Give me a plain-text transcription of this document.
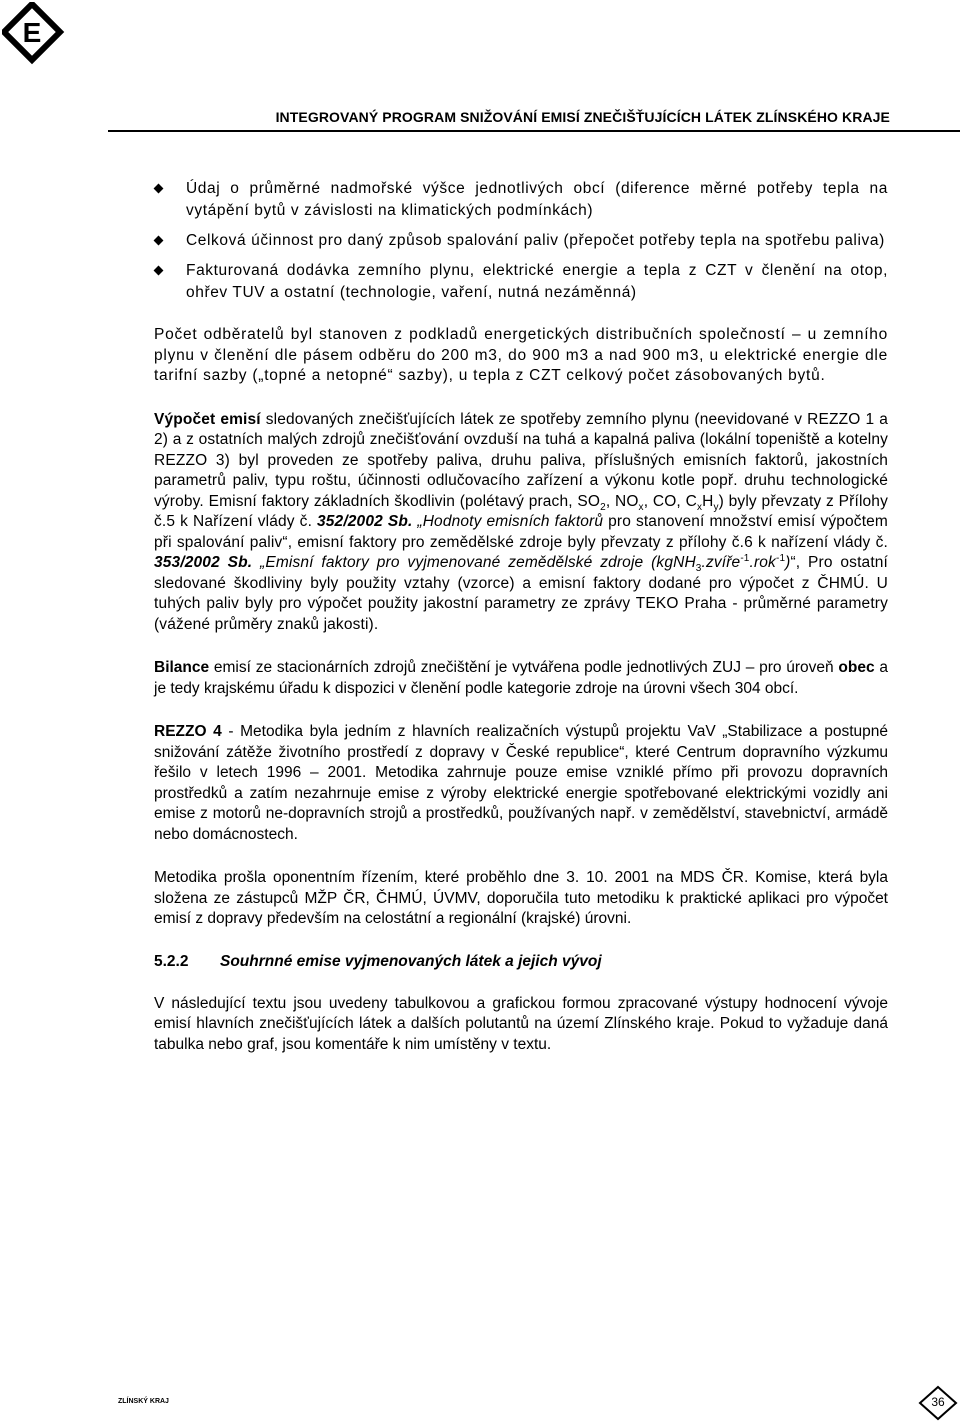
E
INTEGROVANÝ PROGRAM SNIŽOVÁNÍ EMISÍ ZNEČIŠŤUJÍCÍCH LÁTEK ZLÍNSKÉHO KRAJE
Údaj o průměrné nadmořské výšce jednotlivých obcí (diference měrné potřeby tepla na vytápění bytů v závislosti na klimatických podmínkách)
Celková účinnost pro daný způsob spalování paliv (přepočet potřeby tepla na spotřebu paliva)
Fakturovaná dodávka zemního plynu, elektrické energie a tepla z CZT v členění na otop, ohřev TUV a ostatní (technologie, vaření, nutná nezáměnná)

Počet odběratelů byl stanoven z podkladů energetických distribučních společností – u zemního plynu v členění dle pásem odběru do 200 m3, do 900 m3 a nad 900 m3, u elektrické energie dle tarifní sazby („topné a netopné“ sazby), u tepla z CZT celkový počet zásobovaných bytů.

Výpočet emisí sledovaných znečišťujících látek ze spotřeby zemního plynu (neevidované v REZZO 1 a 2) a z ostatních malých zdrojů znečišťování ovzduší na tuhá a kapalná paliva (lokální topeniště a kotelny REZZO 3) byl proveden ze spotřeby paliva, druhu paliva, příslušných emisních faktorů, jakostních parametrů paliv, typu roštu, účinnosti odlučovacího zařízení a výkonu kotle popř. druhu technologické výroby. Emisní faktory základních škodlivin (polétavý prach, $SO_2$, $NO_x$, CO, $C_xH_y$) byly převzaty z Přílohy č.5 k Nařízení vlády č. 352/2002 Sb. „Hodnoty emisních faktorů pro stanovení množství emisí výpočtem při spalování paliv“, emisní faktory pro zemědělské zdroje byly převzaty z přílohy č.6 k nařízení vlády č. 353/2002 Sb. „Emisní faktory pro vyjmenované zemědělské zdroje (kgNH$_3$.zvíře$^{-1}$.rok$^{-1}$)“, Pro ostatní sledované škodliviny byly použity vztahy (vzorce) a emisní faktory dodané pro výpočet z ČHMÚ. U tuhých paliv byly pro výpočet použity jakostní parametry ze zprávy TEKO Praha - průměrné parametry (vážené průměry znaků jakosti).

Bilance emisí ze stacionárních zdrojů znečištění je vytvářena podle jednotlivých ZUJ – pro úroveň obec a je tedy krajskému úřadu k dispozici v členění podle kategorie zdroje na úrovni všech 304 obcí.

REZZO 4 - Metodika byla jedním z hlavních realizačních výstupů projektu VaV „Stabilizace a postupné snižování zátěže životního prostředí z dopravy v České republice“, které Centrum dopravního výzkumu řešilo v letech 1996 – 2001. Metodika zahrnuje pouze emise vzniklé přímo při provozu dopravních prostředků a zatím nezahrnuje emise z výroby elektrické energie spotřebované elektrickými vozidly ani emise z motorů ne-dopravních strojů a prostředků, používaných např. v zemědělství, stavebnictví, armádě nebo domácnostech.

Metodika prošla oponentním řízením, které proběhlo dne 3. 10. 2001 na MDS ČR. Komise, která byla složena ze zástupců MŽP ČR, ČHMÚ, ÚVMV, doporučila tuto metodiku k praktické aplikaci pro výpočet emisí z dopravy především na celostátní a regionální (krajské) úrovni.

5.2.2 Souhrnné emise vyjmenovaných látek a jejich vývoj

V následující textu jsou uvedeny tabulkovou a grafickou formou zpracované výstupy hodnocení vývoje emisí hlavních znečišťujících látek a dalších polutantů na území Zlínského kraje. Pokud to vyžaduje daná tabulka nebo graf, jsou komentáře k nim umístěny v textu.

ZLÍNSKÝ KRAJ	36
